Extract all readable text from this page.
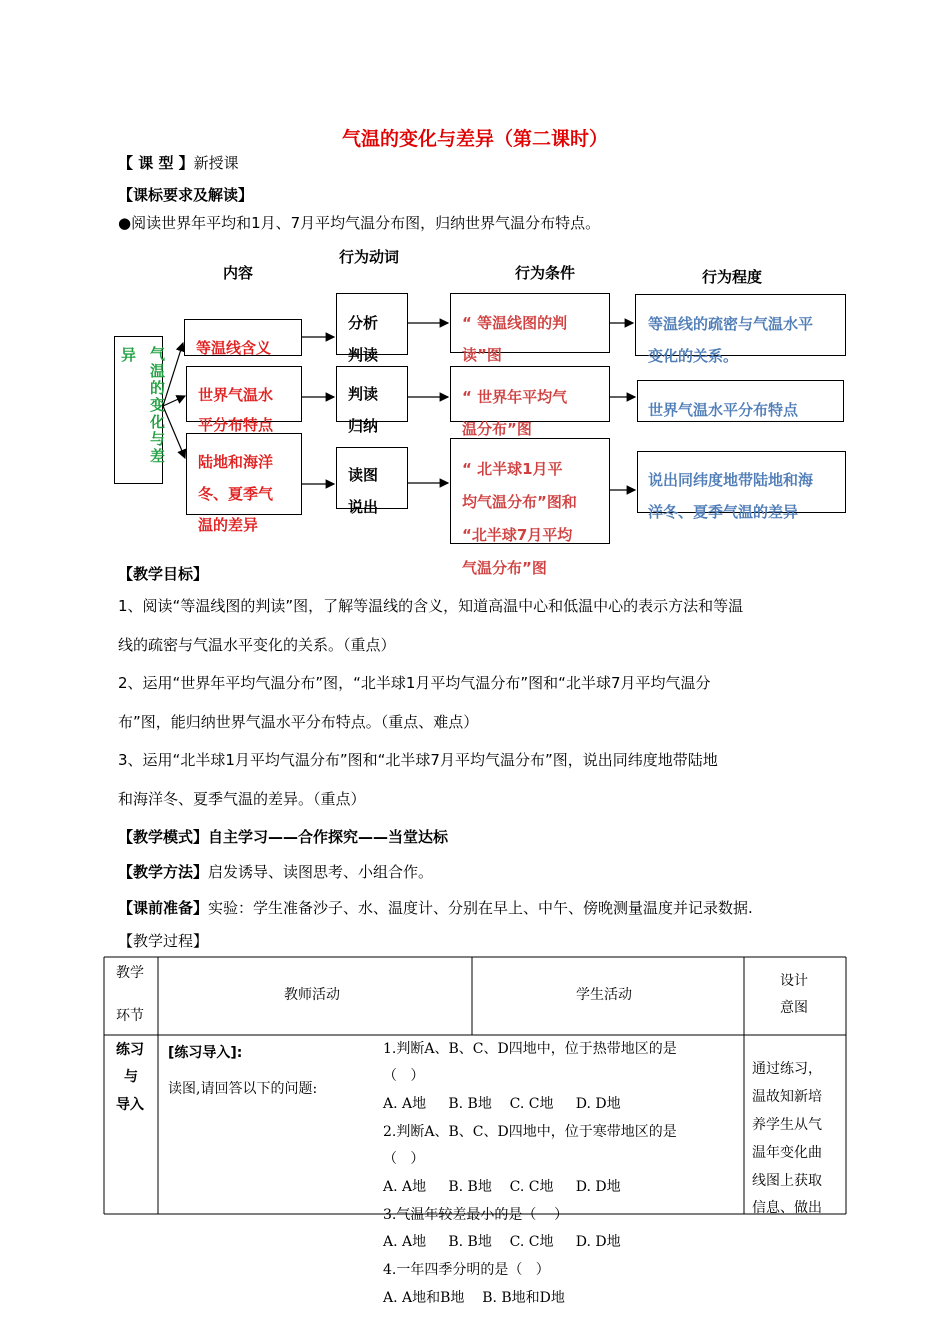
气温的变化与差异（第二课时）
【 课 型 】新授课
【课标要求及解读】
●阅读世界年平均和1月、7月平均气温分布图，归纳世界气温分布特点。
内容
行为动词
行为条件	行为程度
异 气温的变化与差
等温线含义
分析
判读
“ 等温线图的判
读”图
等温线的疏密与气温水平
变化的关系。
世界气温水
平分布特点
判读
归纳
“ 世界年平均气
温分布”图
世界气温水平分布特点
陆地和海洋
冬、夏季气
温的差异
读图
说出
“ 北半球1月平
均气温分布”图和
“北半球7月平均
气温分布”图
说出同纬度地带陆地和海
洋冬、夏季气温的差异
【教学目标】
1、阅读“等温线图的判读”图，了解等温线的含义，知道高温中心和低温中心的表示方法和等温
线的疏密与气温水平变化的关系。（重点）
2、运用“世界年平均气温分布”图，“北半球1月平均气温分布”图和“北半球7月平均气温分
布”图，能归纳世界气温水平分布特点。（重点、难点）
3、运用“北半球1月平均气温分布”图和“北半球7月平均气温分布”图，说出同纬度地带陆地
和海洋冬、夏季气温的差异。（重点）
【教学模式】自主学习——合作探究——当堂达标
【教学方法】启发诱导、读图思考、小组合作。
【课前准备】实验：学生准备沙子、水、温度计、分别在早上、中午、傍晚测量温度并记录数据.
【教学过程】
教学
环节
教师活动	学生活动
设计
意图
练习
与
导入
[练习导入]:
读图,请回答以下的问题:
1.判断A、B、C、D四地中，位于热带地区的是
（   ）
A. A地     B. B地    C. C地     D. D地
2.判断A、B、C、D四地中，位于寒带地区的是
（   ）
A. A地     B. B地    C. C地     D. D地
3.气温年较差最小的是（    ）
A. A地     B. B地    C. C地     D. D地
4.一年四季分明的是（   ）
A. A地和B地    B. B地和D地
通过练习，
温故知新培
养学生从气
温年变化曲
线图上获取
信息、做出
